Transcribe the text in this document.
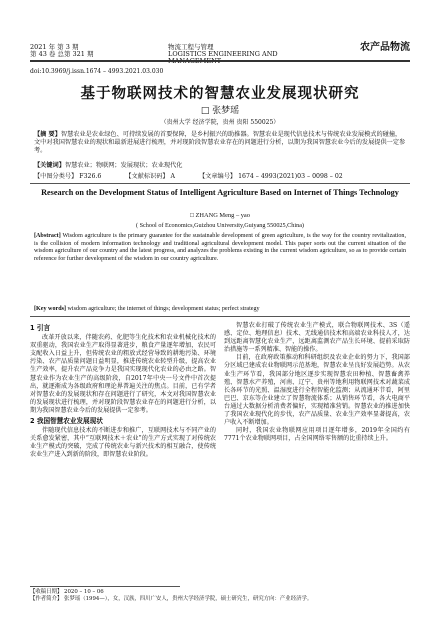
2021 年 第 3 期
第 43 卷 总第 321 期
物流工程与管理
LOGISTICS ENGINEERING AND MANAGEMENT
农产品物流
doi:10.3969/j.issn.1674 – 4993.2021.03.030
基于物联网技术的智慧农业发展现状研究
□ 张梦瑶
（贵州大学 经济学院，贵州 贵阳 550025）
【摘 要】智慧农业是农业绿色、可持续发展的首要保障，是乡村振兴的助推器。智慧农业是现代信息技术与传统农业发展模式的碰撞，文中对我国智慧农业的现状和最新进展进行梳理，并对现阶段智慧农业存在的问题进行分析，以期为我国智慧农业今后的发展提供一定参考。
【关键词】智慧农业；物联网；发展现状；农业现代化
【中图分类号】 F326.6	【文献标识码】 A	【文章编号】 1674 – 4993(2021)03 – 0098 – 02
Research on the Development Status of Intelligent Agriculture Based on Internet of Things Technology
□ ZHANG Meng – yao
( School of Economics,Guizhou University,Guiyang 550025,China)
[Abstract] Wisdom agriculture is the primary guarantee for the sustainable development of green agriculture, is the way for the country revitalization, is the collision of modern information technology and traditional agricultural development model. This paper sorts out the current situation of the wisdom agriculture of our country and the latest progress, and analyzes the problems existing in the current wisdom agriculture, so as to provide certain reference for further development of the wisdom in our country agriculture.
[Key words] wisdom agriculture; the internet of things; development status; perfect strategy
1 引言

改革开放以来，伴随农药、化肥等生化技术和农业机械化技术的双重驱动，我国农业生产取得显著进步，粮食产量逐年增加，农民可支配收入日益上升，但传统农业的粗放式经营导致的耕地污染、环境污染、农产品质量问题日益明显，推进传统农业转型升级，提高农业生产效率，提升农产品竞争力是我国实现现代化农业的必由之路。智慧农业作为农业生产的高级阶段，自2017年中央一号文件中首次提出，就逐渐成为各级政府和理论界普遍关注的焦点。目前，已有学者对智慧农业的发展现状和存在问题进行了研究，本文对我国智慧农业的发展现状进行梳理，并对现阶段智慧农业存在的问题进行分析，以期为我国智慧农业今后的发展提供一定参考。

2 我国智慧农业发展现状

伴随现代信息技术的不断进步和推广，互联网技术与不同产业的关系愈发紧密，其中“互联网技术＋农业”的生产方式实现了对传统农业生产模式的突破，完成了传统农业与新兴技术的相互融合，使传统农业生产进入到新的阶段，即智慧农业阶段。

智慧农业打破了传统农业生产模式，联合物联网技术、3S（遥感、定位、地理信息）技术、无线通信技术和高端农业科技人才，达到远距离智慧化农业生产，远距离监测农产品生长环境、提前采取防治措施等一系列精准、智能的操作。

目前，在政府政策推动和科研组织及农业企业的努力下，我国部分区域已建成农业物联网示范基地，智慧农业呈良好发展趋势。从农业生产环节看，我国部分地区逐步实现智慧农田种植、智慧畜禽养殖、智慧水产养殖，河南、辽宁、贵州等地利用物联网技术对蔬菜成长各环节的光照、温湿度进行全程智能化监测；从流通环节看，阿里巴巴、京东等企业建立了智慧物流体系；从销售环节看，各大电商平台通过大数据分析消费者偏好，实现精准营销。智慧农业的推进加快了我国农业现代化的步伐，农产品质量、农业生产效率显著提高，农户收入不断增加。

同时，我国农业物联网应用项目逐年增多，2019年全国约有7771个农业物联网项目，占全国网络零售额的比重持续上升。

【收稿日期】 2020 – 10 – 06
【作者简介】 张梦瑶（1994—），女，汉族，四川广安人，贵州大学经济学院，硕士研究生，研究方向：产业经济学。
